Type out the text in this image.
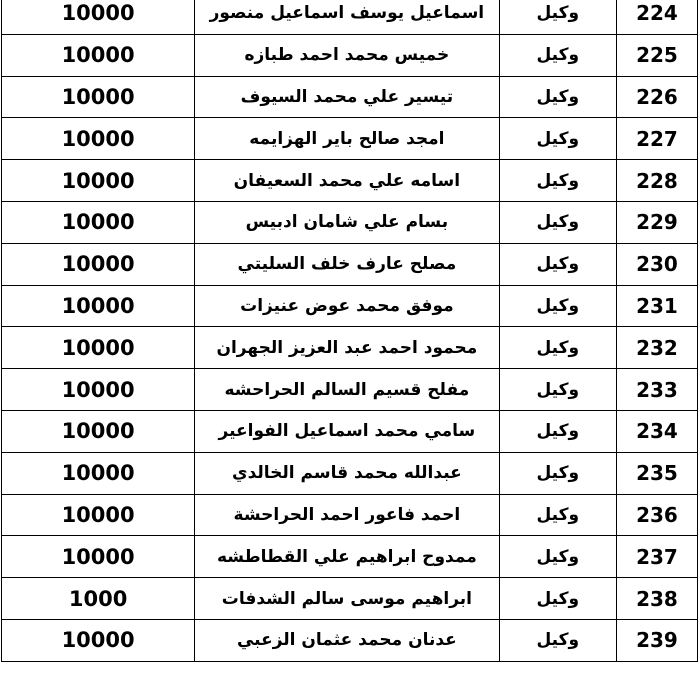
10000	اسماعيل يوسف اسماعيل منصور	وكيل	224
10000	خميس محمد احمد طبازه	وكيل	225
10000	تيسير علي محمد السيوف	وكيل	226
10000	امجد صالح باير الهزايمه	وكيل	227
10000	اسامه علي محمد السعيفان	وكيل	228
10000	بسام علي شامان ادبيس	وكيل	229
10000	مصلح عارف خلف السليتي	وكيل	230
10000	موفق محمد عوض عنيزات	وكيل	231
10000	محمود احمد عبد العزيز الجهران	وكيل	232
10000	مفلح قسيم السالم الحراحشه	وكيل	233
10000	سامي محمد اسماعيل الفواعير	وكيل	234
10000	عبدالله محمد قاسم الخالدي	وكيل	235
10000	احمد فاعور احمد الحراحشة	وكيل	236
10000	ممدوح ابراهيم علي القطاطشه	وكيل	237
1000	ابراهيم موسى سالم الشدفات	وكيل	238
10000	عدنان محمد عثمان الزعبي	وكيل	239
